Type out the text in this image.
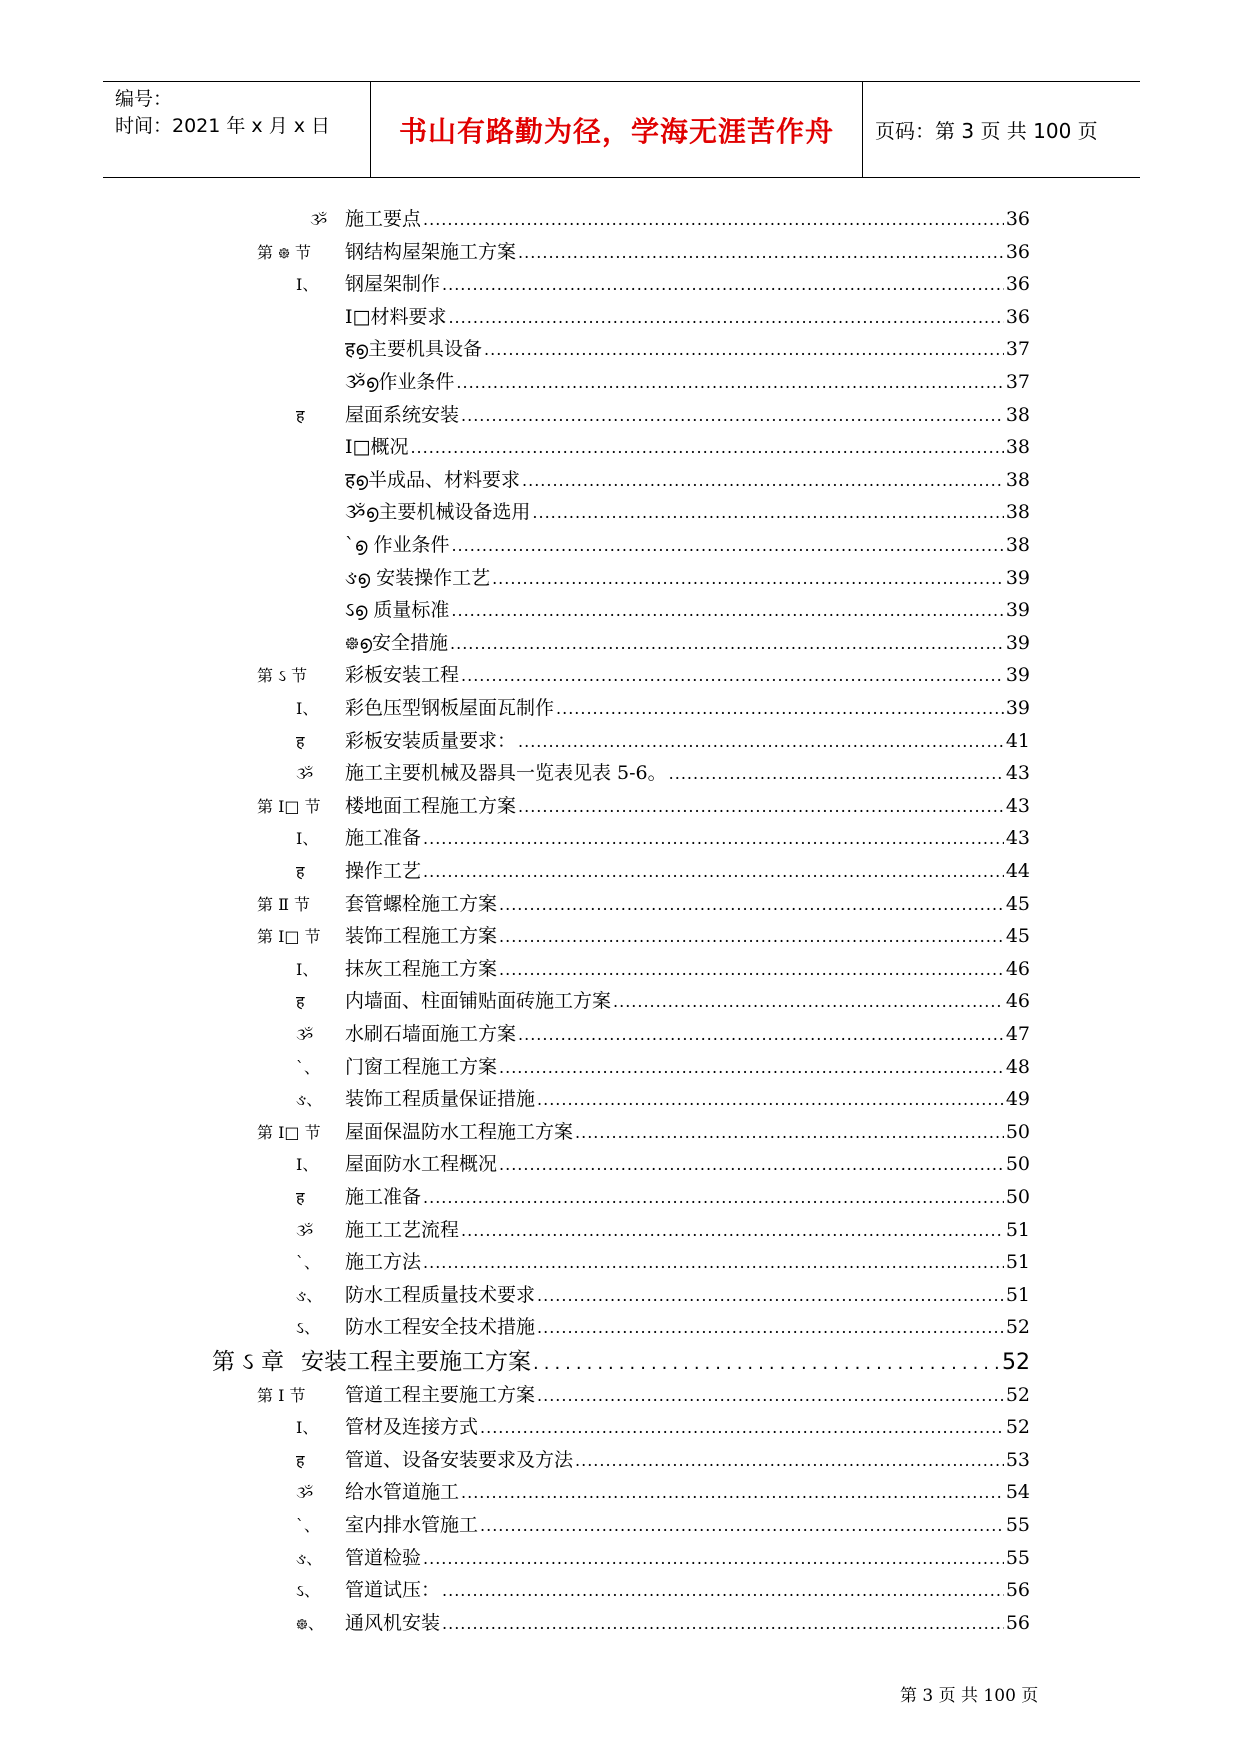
编号：
时间：2021 年 x 月 x 日	书山有路勤为径，学海无涯苦作舟	页码：第 3 页 共 100 页
ૐ 施工要点 .....	36
第 ᪥ 节	钢结构屋架施工方案 .....	36
Ⅰ、	钢屋架制作 .....	36
Ⅰ□材料要求 .....	36
ह൭主要机具设备 .....	37
ૐ൭作业条件 .....	37
ह	屋面系统安装 .....	38
Ⅰ□概况 .....	38
ह൭半成品、材料要求 .....	38
ૐ൭主要机械设备选用 .....	38
`൭ 作业条件 .....	38
ઙ൭ 安装操作工艺 .....	39
ઽ൭ 质量标准 .....	39
᪥൭安全措施 .....	39
第 ઽ 节	彩板安装工程 .....	39
Ⅰ、	彩色压型钢板屋面瓦制作 .....	39
ह	彩板安装质量要求： .....	41
ૐ	施工主要机械及器具一览表见表 5-6。 .....	43
第 Ⅰ□ 节	楼地面工程施工方案 .....	43
Ⅰ、	施工准备 .....	43
ह	操作工艺 .....	44
第 Ⅱ 节	套管螺栓施工方案 .....	45
第 Ⅰ□ 节	装饰工程施工方案 .....	45
Ⅰ、	抹灰工程施工方案 .....	46
ह	内墙面、柱面铺贴面砖施工方案 .....	46
ૐ	水刷石墙面施工方案 .....	47
`、	门窗工程施工方案 .....	48
ઙ、	装饰工程质量保证措施 .....	49
第 Ⅰ□ 节	屋面保温防水工程施工方案 .....	50
Ⅰ、	屋面防水工程概况 .....	50
ह	施工准备 .....	50
ૐ	施工工艺流程 .....	51
`、	施工方法 .....	51
ઙ、	防水工程质量技术要求 .....	51
ઽ、	防水工程安全技术措施 .....	52
第 ઽ 章 安装工程主要施工方案 .....	52
第 Ⅰ 节	管道工程主要施工方案 .....	52
Ⅰ、	管材及连接方式 .....	52
ह	管道、设备安装要求及方法 .....	53
ૐ	给水管道施工 .....	54
`、	室内排水管施工 .....	55
ઙ、	管道检验 .....	55
ઽ、	管道试压： .....	56
᪥、	通风机安装 .....	56
第 3 页 共 100 页
